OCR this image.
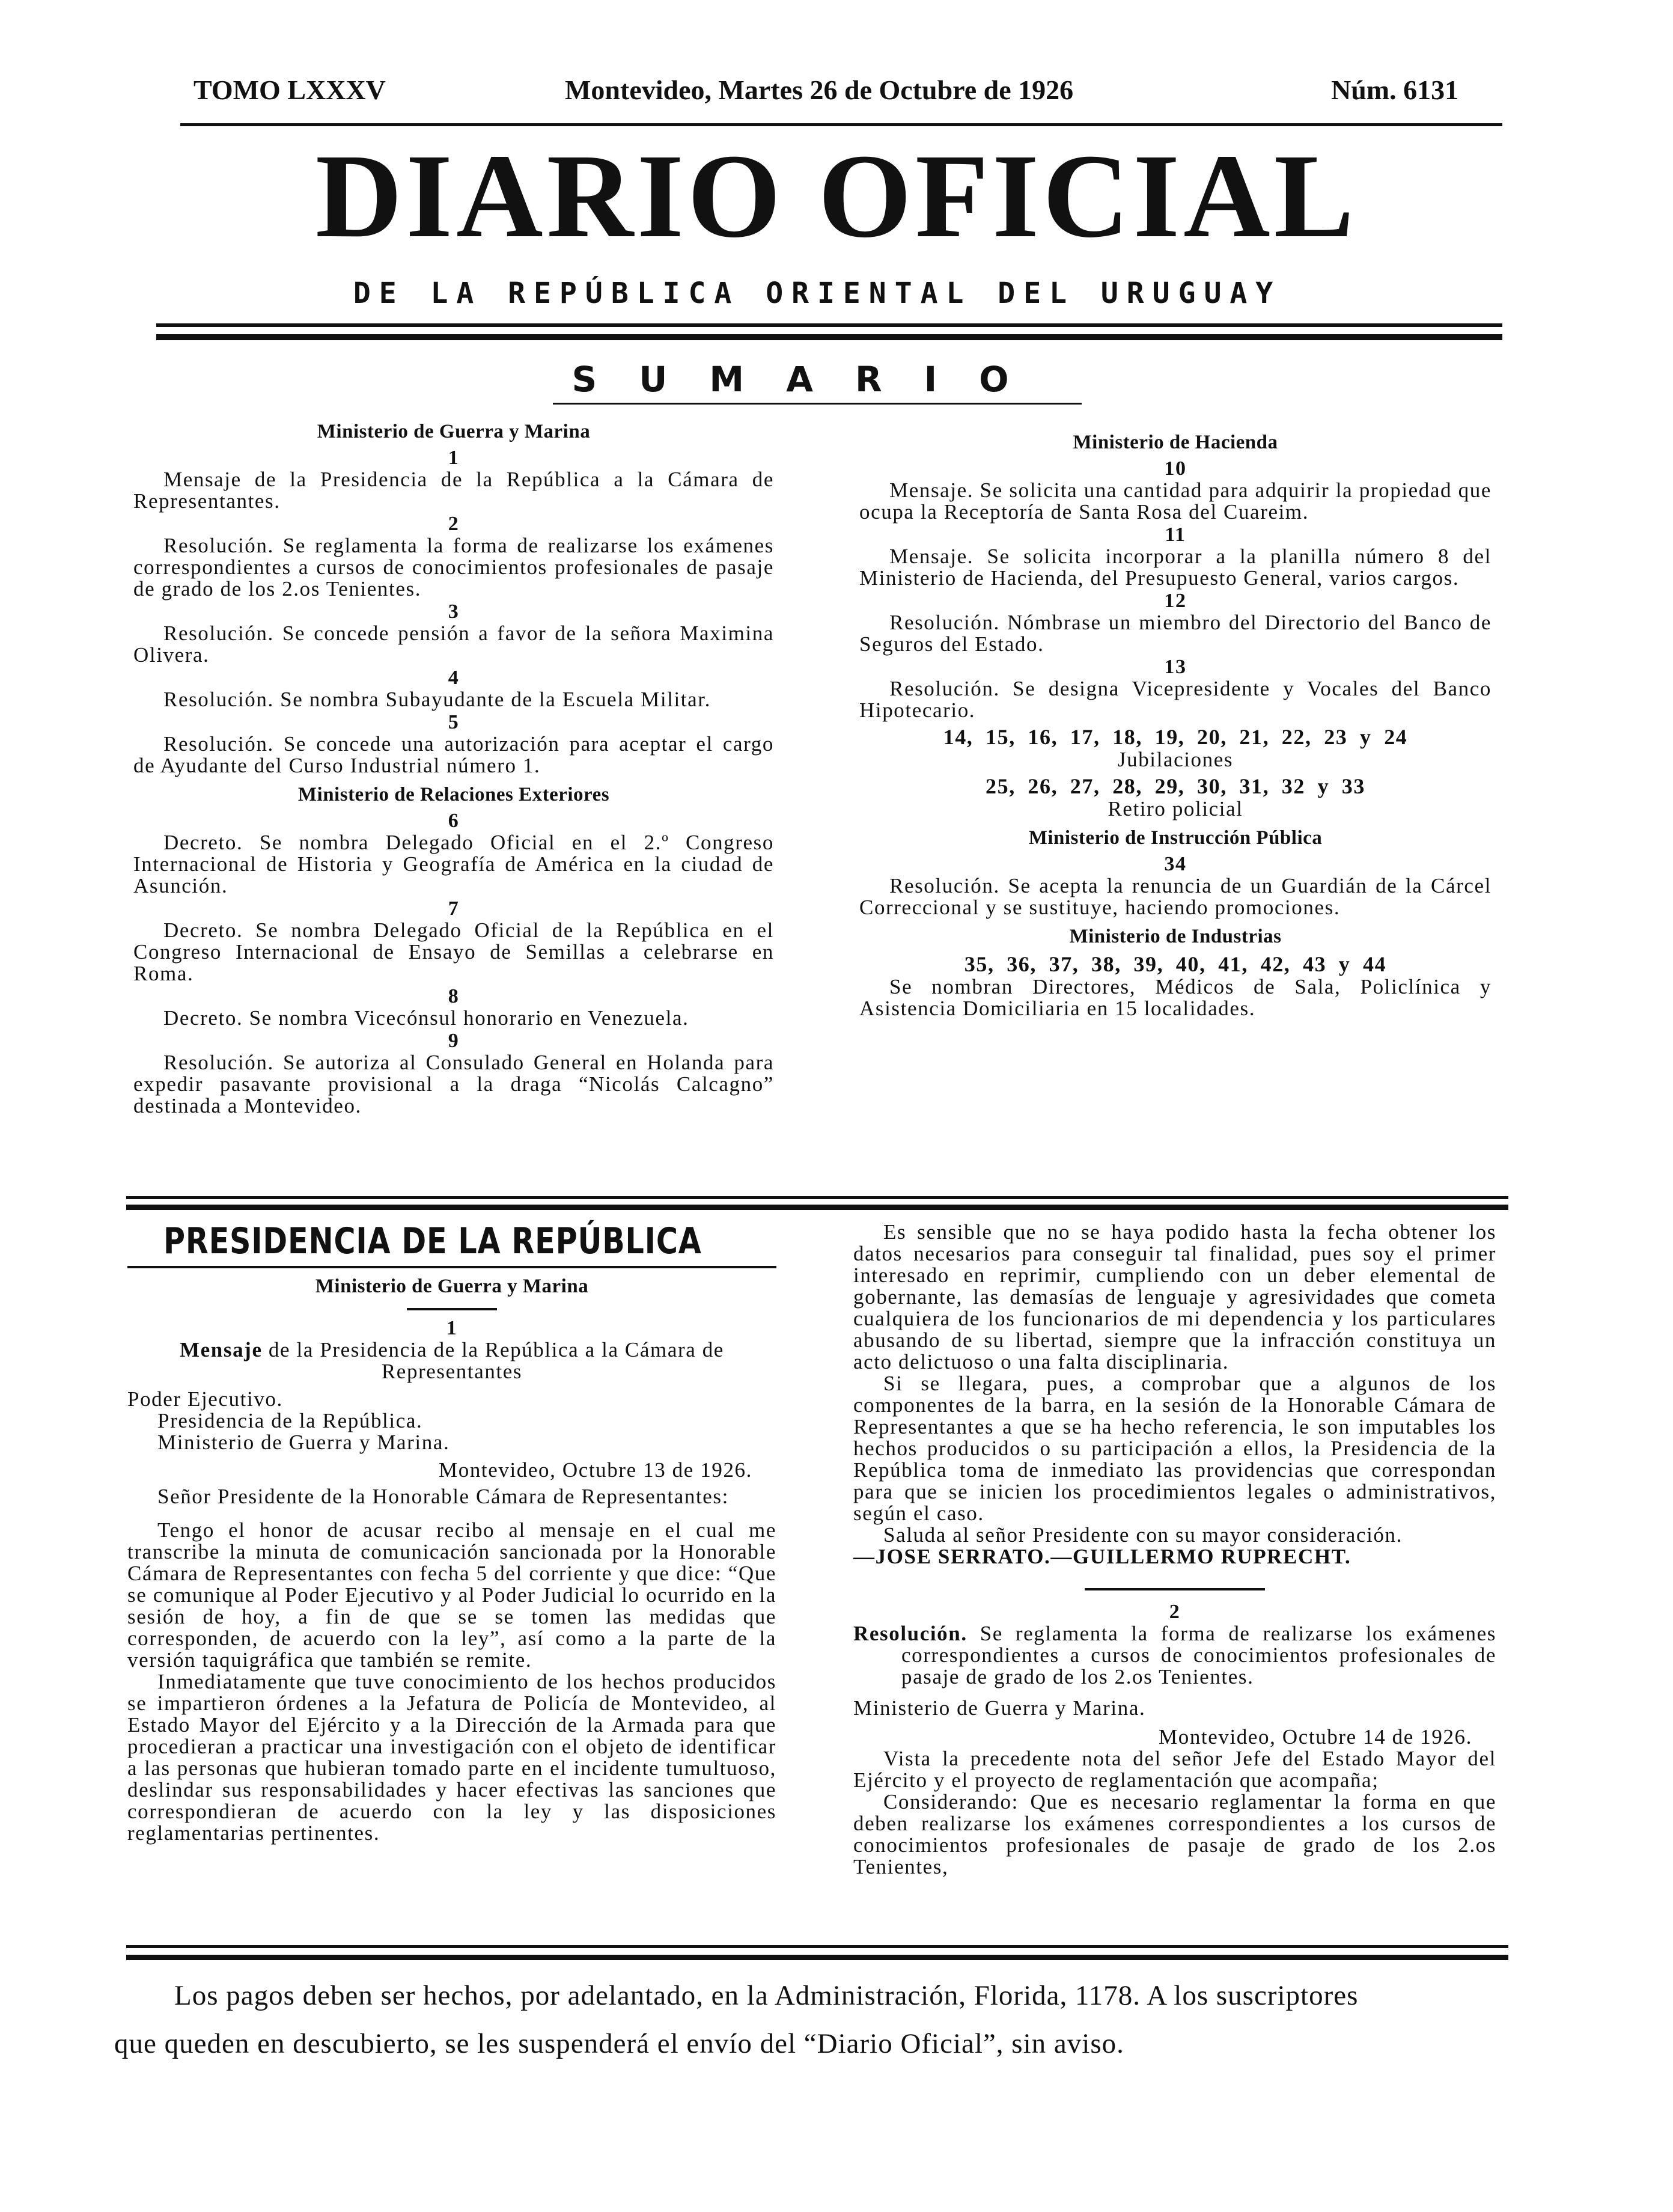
TOMO LXXXV	Montevideo, Martes 26 de Octubre de 1926	Núm. 6131
DIARIO OFICIAL
DE LA REPÚBLICA ORIENTAL DEL URUGUAY
SUMARIO

Ministerio de Guerra y Marina

1

Mensaje de la Presidencia de la República a la Cámara de Representantes.

2

Resolución. Se reglamenta la forma de realizarse los exámenes correspondientes a cursos de conocimientos profesionales de pasaje de grado de los 2.os Tenientes.

3

Resolución. Se concede pensión a favor de la señora Maximina Olivera.

4

Resolución. Se nombra Subayudante de la Escuela Militar.

5

Resolución. Se concede una autorización para aceptar el cargo de Ayudante del Curso Industrial número 1.

Ministerio de Relaciones Exteriores

6

Decreto. Se nombra Delegado Oficial en el 2.º Congreso Internacional de Historia y Geografía de América en la ciudad de Asunción.

7

Decreto. Se nombra Delegado Oficial de la República en el Congreso Internacional de Ensayo de Semillas a celebrarse en Roma.

8

Decreto. Se nombra Vicecónsul honorario en Venezuela.

9

Resolución. Se autoriza al Consulado General en Holanda para expedir pasavante provisional a la draga “Nicolás Calcagno” destinada a Montevideo.

Ministerio de Hacienda

10

Mensaje. Se solicita una cantidad para adquirir la propiedad que ocupa la Receptoría de Santa Rosa del Cuareim.

11

Mensaje. Se solicita incorporar a la planilla número 8 del Ministerio de Hacienda, del Presupuesto General, varios cargos.

12

Resolución. Nómbrase un miembro del Directorio del Banco de Seguros del Estado.

13

Resolución. Se designa Vicepresidente y Vocales del Banco Hipotecario.

14, 15, 16, 17, 18, 19, 20, 21, 22, 23 y 24

Jubilaciones

25, 26, 27, 28, 29, 30, 31, 32 y 33

Retiro policial

Ministerio de Instrucción Pública

34

Resolución. Se acepta la renuncia de un Guardián de la Cárcel Correccional y se sustituye, haciendo promociones.

Ministerio de Industrias

35, 36, 37, 38, 39, 40, 41, 42, 43 y 44

Se nombran Directores, Médicos de Sala, Policlínica y Asistencia Domiciliaria en 15 localidades.

PRESIDENCIA DE LA REPÚBLICA

Ministerio de Guerra y Marina

1

Mensaje de la Presidencia de la República a la Cámara de Representantes

Poder Ejecutivo.

Presidencia de la República.

Ministerio de Guerra y Marina.

Montevideo, Octubre 13 de 1926.

Señor Presidente de la Honorable Cámara de Representantes:

Tengo el honor de acusar recibo al mensaje en el cual me transcribe la minuta de comunicación sancionada por la Honorable Cámara de Representantes con fecha 5 del corriente y que dice: “Que se comunique al Poder Ejecutivo y al Poder Judicial lo ocurrido en la sesión de hoy, a fin de que se se tomen las medidas que corresponden, de acuerdo con la ley”, así como a la parte de la versión taquigráfica que también se remite.

Inmediatamente que tuve conocimiento de los hechos producidos se impartieron órdenes a la Jefatura de Policía de Montevideo, al Estado Mayor del Ejército y a la Dirección de la Armada para que procedieran a practicar una investigación con el objeto de identificar a las personas que hubieran tomado parte en el incidente tumultuoso, deslindar sus responsabilidades y hacer efectivas las sanciones que correspondieran de acuerdo con la ley y las disposiciones reglamentarias pertinentes.

Es sensible que no se haya podido hasta la fecha obtener los datos necesarios para conseguir tal finalidad, pues soy el primer interesado en reprimir, cumpliendo con un deber elemental de gobernante, las demasías de lenguaje y agresividades que cometa cualquiera de los funcionarios de mi dependencia y los particulares abusando de su libertad, siempre que la infracción constituya un acto delictuoso o una falta disciplinaria.

Si se llegara, pues, a comprobar que a algunos de los componentes de la barra, en la sesión de la Honorable Cámara de Representantes a que se ha hecho referencia, le son imputables los hechos producidos o su participación a ellos, la Presidencia de la República toma de inmediato las providencias que correspondan para que se inicien los procedimientos legales o administrativos, según el caso.

Saluda al señor Presidente con su mayor consideración.

—JOSE SERRATO.—GUILLERMO RUPRECHT.

2

Resolución. Se reglamenta la forma de realizarse los exámenes correspondientes a cursos de conocimientos profesionales de pasaje de grado de los 2.os Tenientes.

Ministerio de Guerra y Marina.

Montevideo, Octubre 14 de 1926.

Vista la precedente nota del señor Jefe del Estado Mayor del Ejército y el proyecto de reglamentación que acompaña;

Considerando: Que es necesario reglamentar la forma en que deben realizarse los exámenes correspondientes a los cursos de conocimientos profesionales de pasaje de grado de los 2.os Tenientes,

Los pagos deben ser hechos, por adelantado, en la Administración, Florida, 1178. A los suscriptores
que queden en descubierto, se les suspenderá el envío del “Diario Oficial”, sin aviso.
